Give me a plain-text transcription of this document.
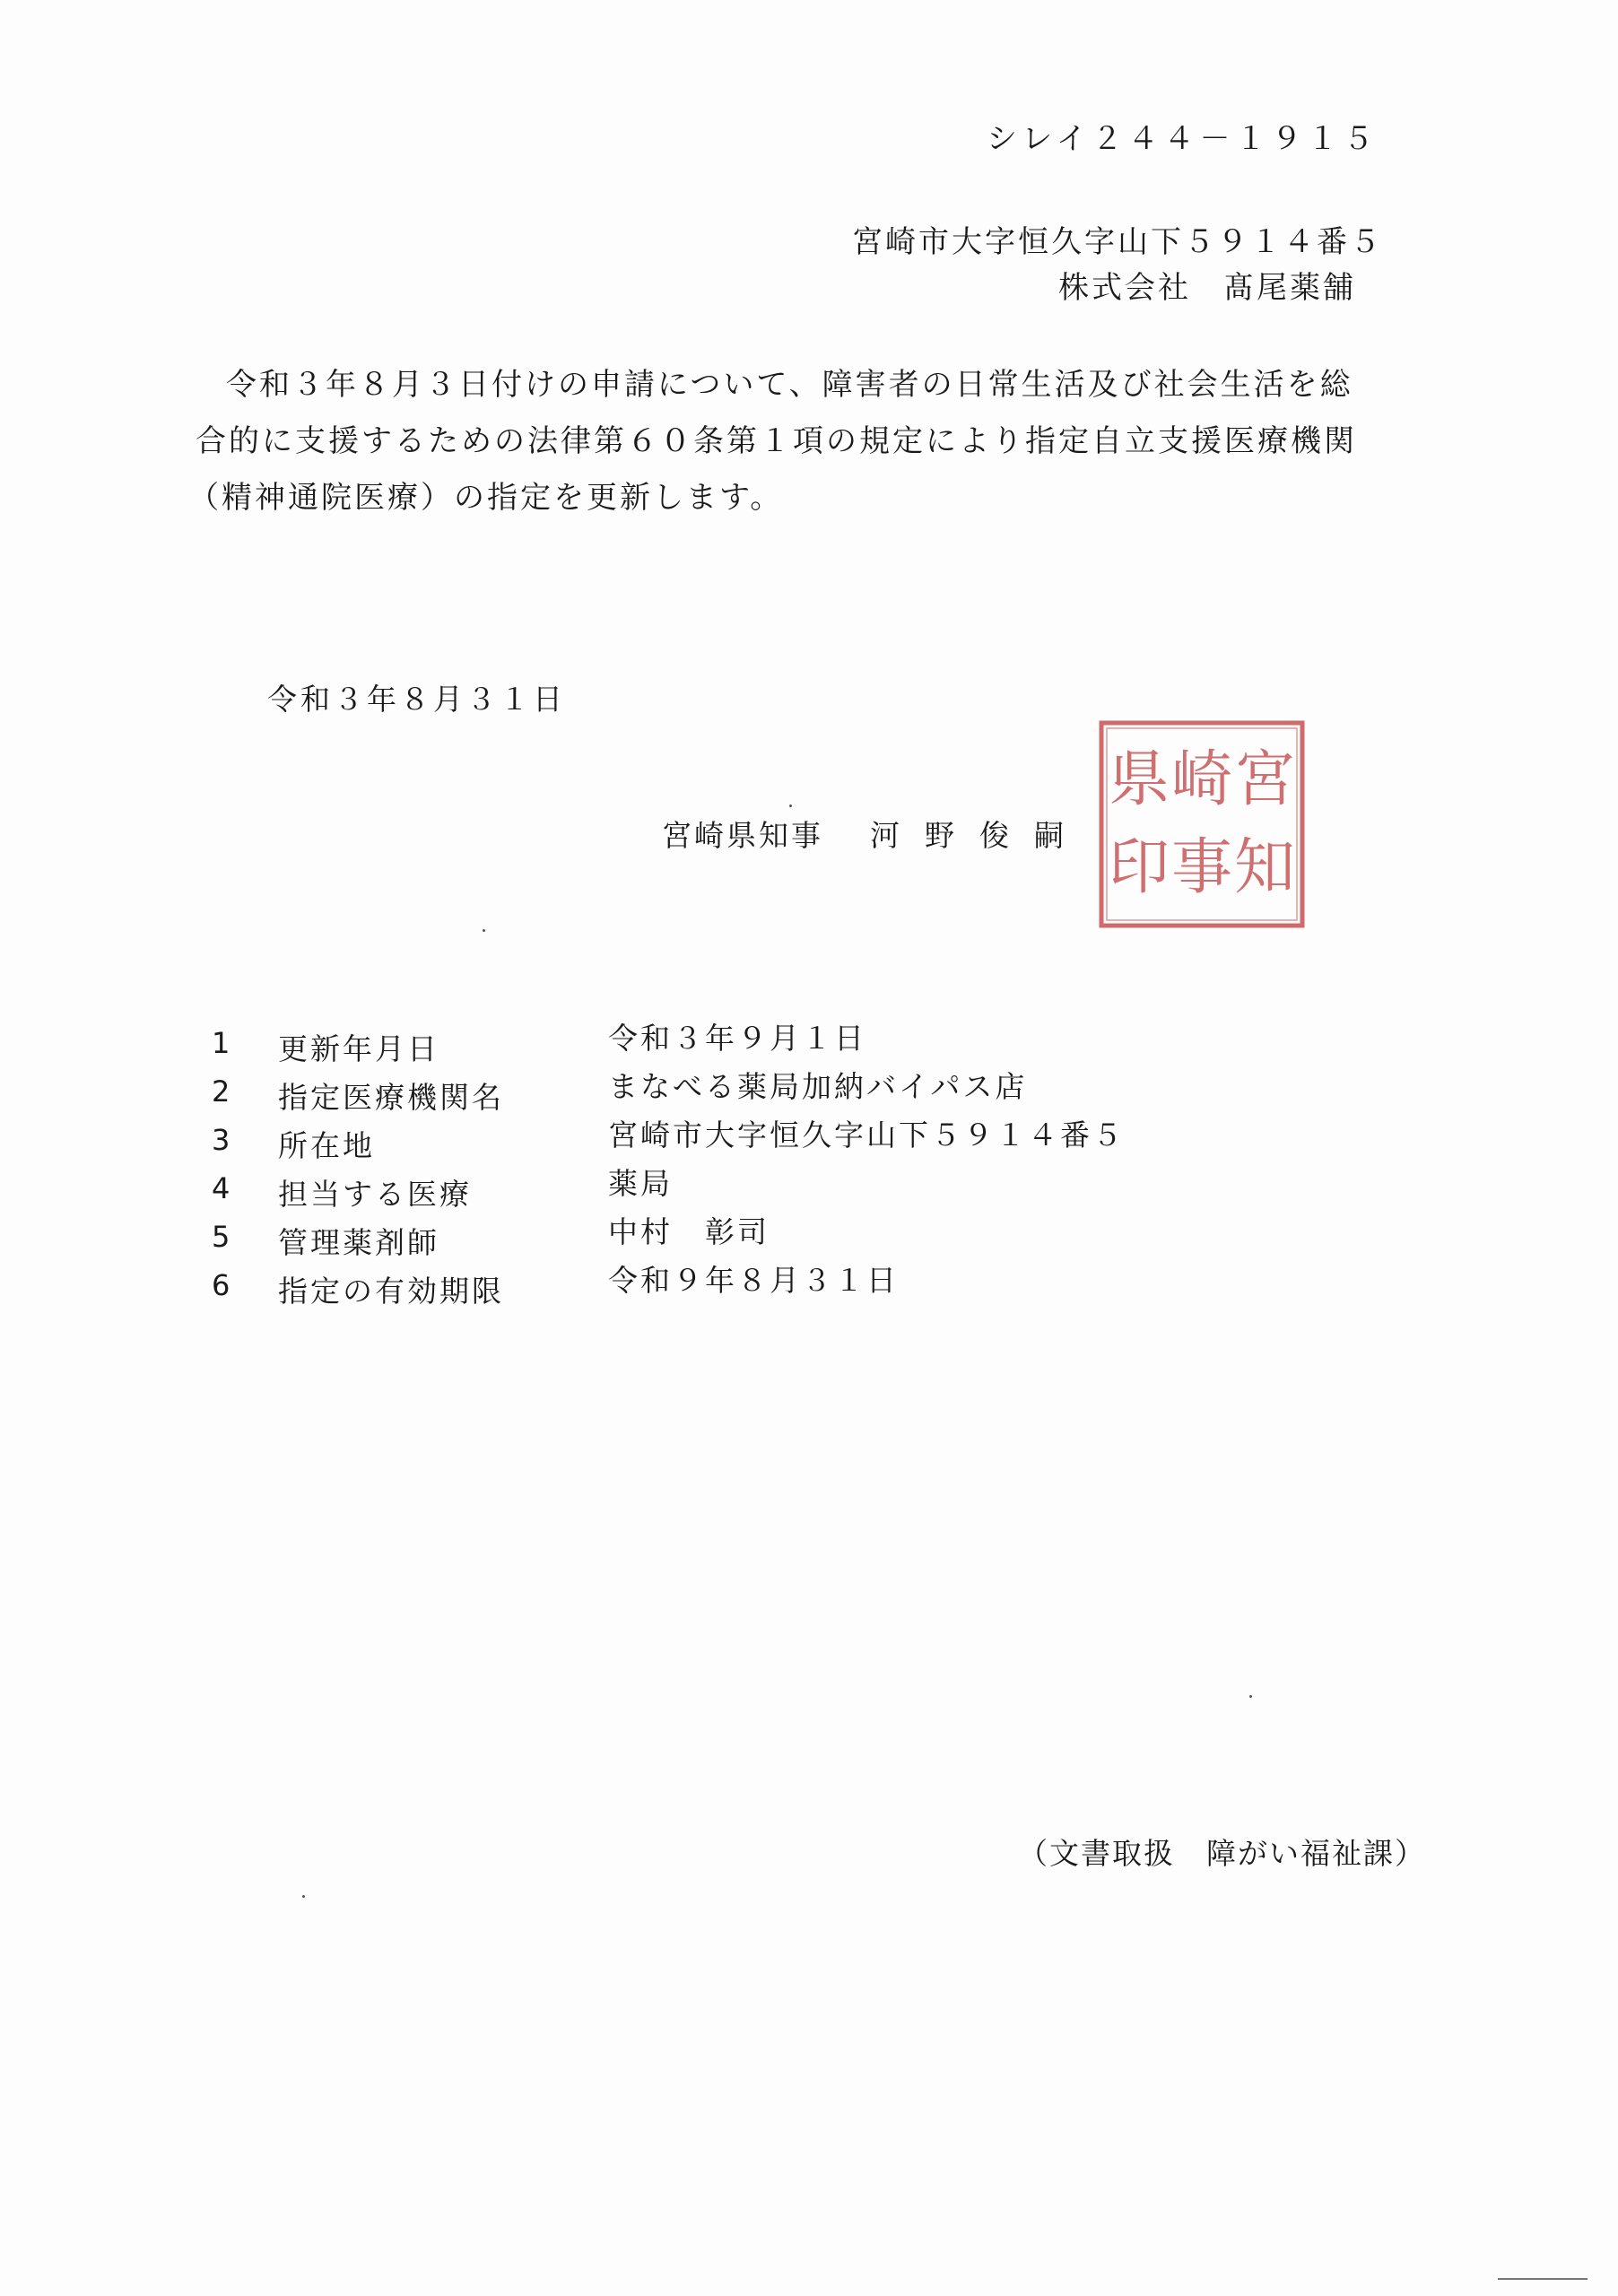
シレイ２４４－１９１５
宮崎市大字恒久字山下５９１４番５
株式会社 髙尾薬舗
令和３年８月３日付けの申請について、障害者の日常生活及び社会生活を総
合的に支援するための法律第６０条第１項の規定により指定自立支援医療機関
（精神通院医療）の指定を更新します。
令和３年８月３１日
宮崎県知事 河野俊嗣
宮
崎
県
知
事
印
1 更新年月日	令和３年９月１日
2 指定医療機関名	まなべる薬局加納バイパス店
3 所在地	宮崎市大字恒久字山下５９１４番５
4 担当する医療	薬局
5 管理薬剤師	中村　彰司
6 指定の有効期限	令和９年８月３１日
（文書取扱　障がい福祉課）
